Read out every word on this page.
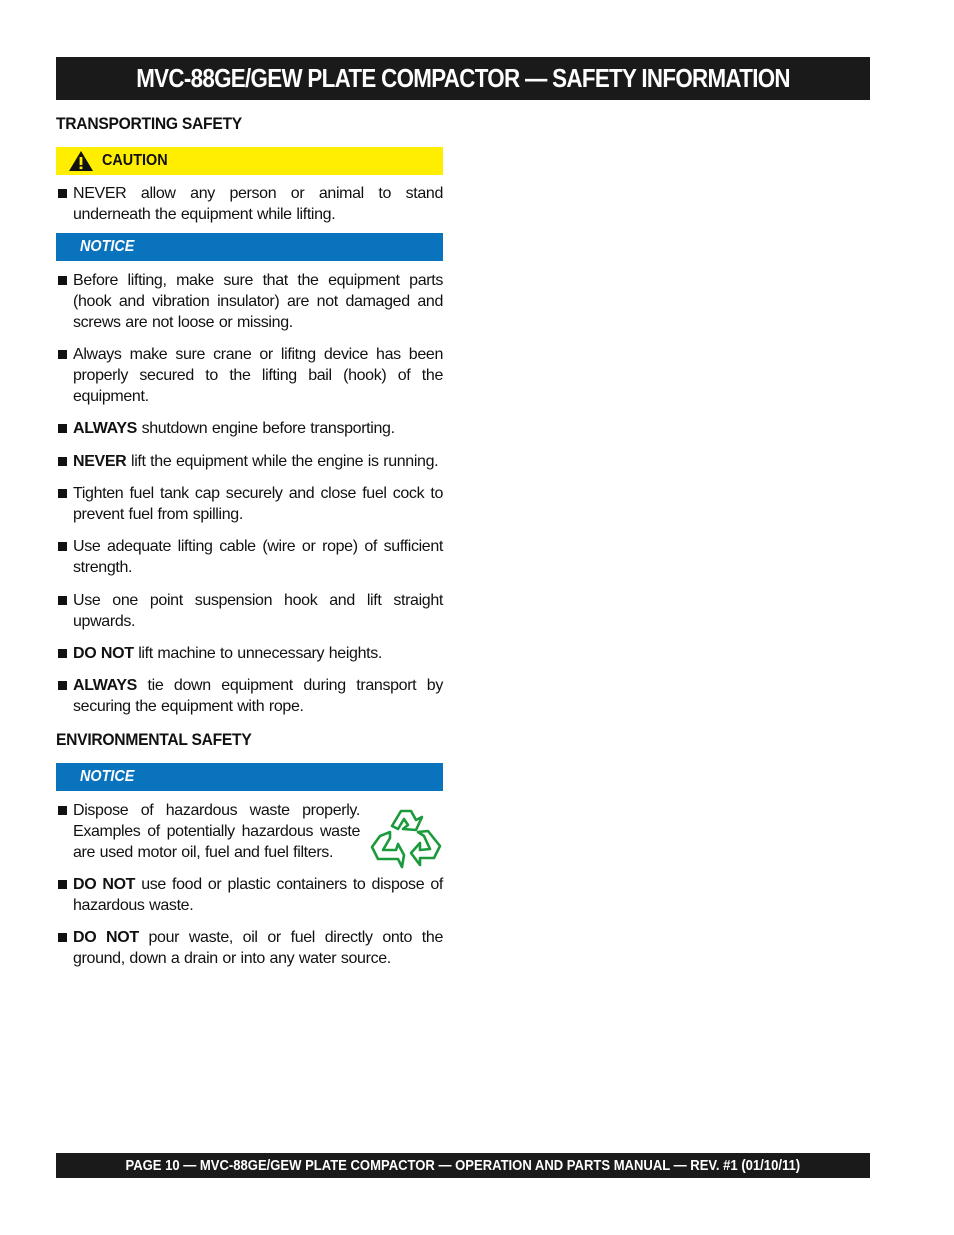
MVC-88GE/GEW PLATE COMPACTOR — SAFETY INFORMATION
TRANSPORTING SAFETY
CAUTION
NEVER allow any person or animal to stand underneath the equipment while lifting.
NOTICE
Before lifting, make sure that the equipment parts (hook and vibration insulator) are not damaged and screws are not loose or missing.
Always make sure crane or lifitng device has been properly secured to the lifting bail (hook) of the equipment.
ALWAYS shutdown engine before transporting.
NEVER lift the equipment while the engine is running.
Tighten fuel tank cap securely and close fuel cock to prevent fuel from spilling.
Use adequate lifting cable (wire or rope) of sufficient strength.
Use one point suspension hook and lift straight upwards.
DO NOT lift machine to unnecessary heights.
ALWAYS tie down equipment during transport by securing the equipment with rope.
ENVIRONMENTAL SAFETY
NOTICE
Dispose of hazardous waste properly. Examples of potentially hazardous waste are used motor oil, fuel and fuel filters.
DO NOT use food or plastic containers to dispose of hazardous waste.
DO NOT pour waste, oil or fuel directly onto the ground, down a drain or into any water source.
PAGE 10 — MVC-88GE/GEW PLATE COMPACTOR — OPERATION AND PARTS MANUAL — REV. #1 (01/10/11)
